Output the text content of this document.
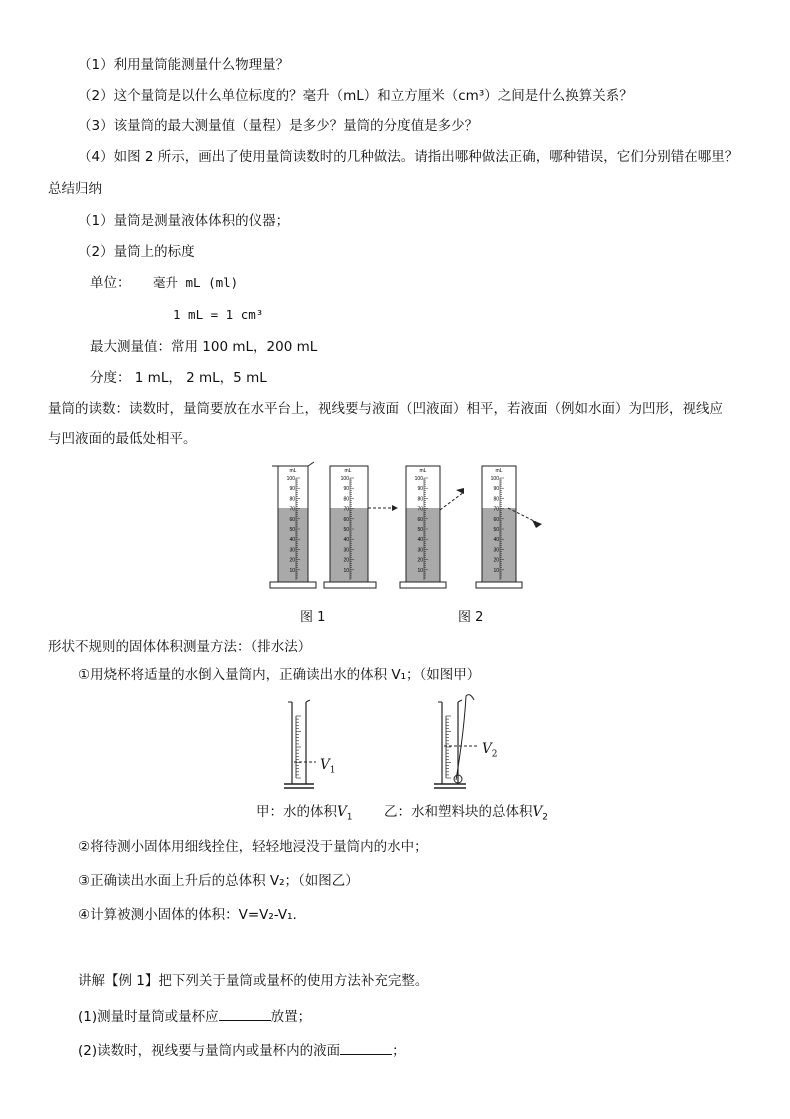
（1）利用量筒能测量什么物理量？
（2）这个量筒是以什么单位标度的？毫升（mL）和立方厘米（cm³）之间是什么换算关系？
（3）该量筒的最大测量值（量程）是多少？量筒的分度值是多少？
（4）如图 2 所示，画出了使用量筒读数时的几种做法。请指出哪种做法正确，哪种错误，它们分别错在哪里？
总结归纳
（1）量筒是测量液体体积的仪器；
（2）量筒上的标度
单位： 毫升 mL (ml)
1 mL = 1 cm³
最大测量值：常用 100 mL，200 mL
分度： 1 mL， 2 mL，5 mL
量筒的读数：读数时，量筒要放在水平台上，视线要与液面（凹液面）相平，若液面（例如水面）为凹形，视线应
与凹液面的最低处相平。
mL
100
90
80
70
60
50
40
30
20
10
mL
100
90
80
70
60
50
40
30
20
10
mL
100
90
80
70
60
50
40
30
20
10
mL
100
90
80
70
60
50
40
30
20
10
图 1	图 2
形状不规则的固体体积测量方法：（排水法）
①用烧杯将适量的水倒入量筒内，正确读出水的体积 V₁；（如图甲）
$V_1$
$V_2$
甲：水的体积$V_1$ 乙：水和塑料块的总体积$V_2$
②将待测小固体用细线拴住，轻轻地浸没于量筒内的水中；
③正确读出水面上升后的总体积 V₂；（如图乙）
④计算被测小固体的体积：V=V₂-V₁.
讲解【例 1】把下列关于量筒或量杯的使用方法补充完整。
(1)测量时量筒或量杯应	放置；
(2)读数时，视线要与量筒内或量杯内的液面	；
